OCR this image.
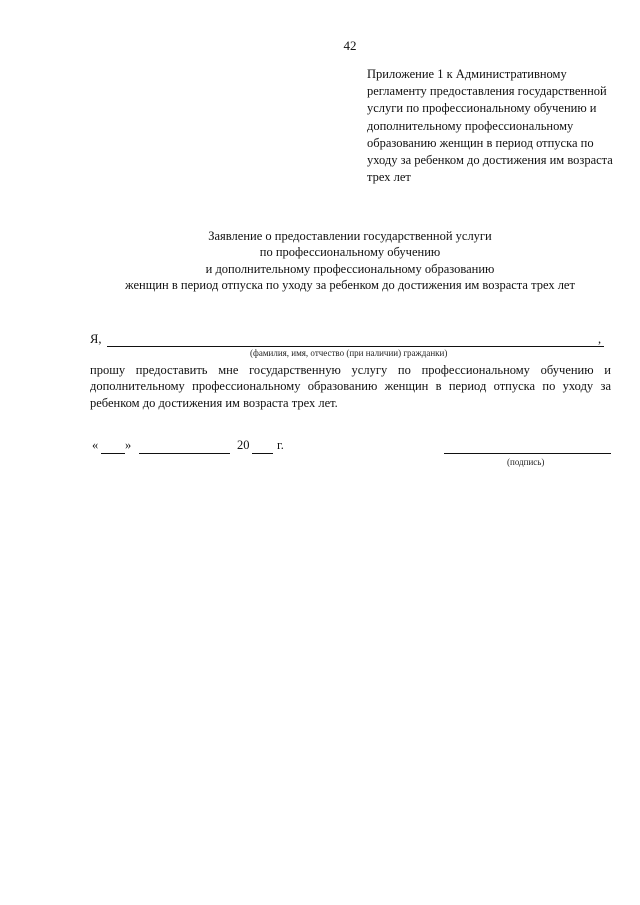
42
Приложение 1 к Административному регламенту предоставления государственной услуги по профессиональному обучению и дополнительному профессиональному образованию женщин в период отпуска по уходу за ребенком до достижения им возраста трех лет
Заявление о предоставлении государственной услуги
по профессиональному обучению
и дополнительному профессиональному образованию
женщин в период отпуска по уходу за ребенком до достижения им возраста трех лет
Я,	,
(фамилия, имя, отчество (при наличии) гражданки)
прошу предоставить мне государственную услугу по профессиональному обучению и дополнительному профессиональному образованию женщин в период отпуска по уходу за ребенком до достижения им возраста трех лет.
« »	20 г.
(подпись)
